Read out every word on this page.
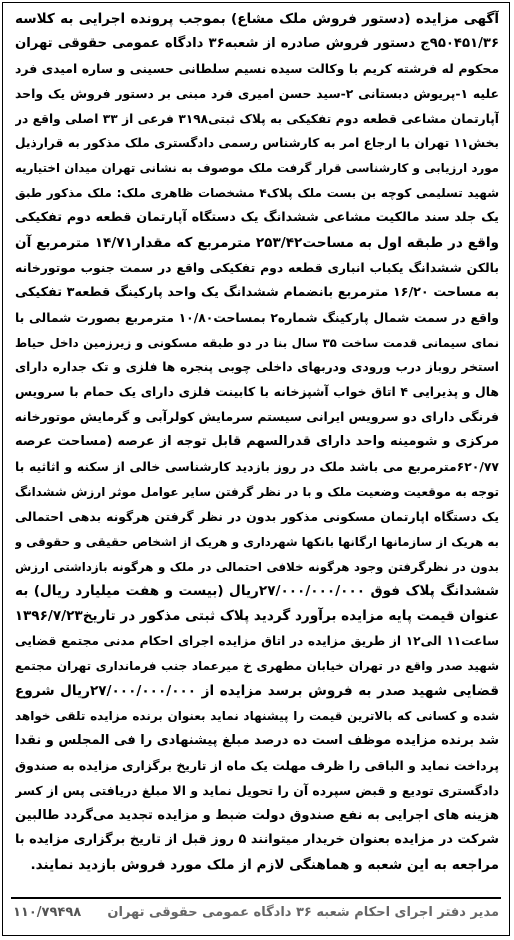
آگهی مزایده (دستور فروش ملک مشاع) بموجب پرونده اجرایی به کلاسه
۹۵۰۴۵۱/۳۶ج دستور فروش صادره از شعبه۳۶ دادگاه عمومی حقوقی تهران
محکوم له فرشته کریم با وکالت سیده نسیم سلطانی حسینی و ساره امیدی فرد
علیه ۱-پریوش دبستانی ۲-سید حسن امیری فرد مبنی بر دستور فروش یک واحد
آپارتمان مشاعی قطعه دوم تفکیکی به پلاک ثبتی۳۱۹۸ فرعی از ۳۳ اصلی واقع در
بخش۱۱ تهران با ارجاع امر به کارشناس رسمی دادگستری ملک مذکور به قرارذیل
مورد ارزیابی و کارشناسی قرار گرفت ملک موصوف به نشانی تهران میدان اختیاریه
شهید تسلیمی کوچه بن بست ملک پلاک۴ مشخصات ظاهری ملک: ملک مذکور طبق
یک جلد سند مالکیت مشاعی ششدانگ یک دستگاه آپارتمان قطعه دوم تفکیکی
واقع در طبقه اول به مساحت۲۵۳/۴۲ مترمربع که مقدار۱۴/۷۱ مترمربع آن
بالکن ششدانگ یکباب انباری قطعه دوم تفکیکی واقع در سمت جنوب موتورخانه
به مساحت ۱۶/۲۰ مترمربع بانضمام ششدانگ یک واحد پارکینگ قطعه۳ تفکیکی
واقع در سمت شمال پارکینگ شماره۲ بمساحت۱۰/۸۰ مترمربع بصورت شمالی با
نمای سیمانی قدمت ساخت ۳۵ سال بنا در دو طبقه مسکونی و زیرزمین داخل حیاط
استخر روباز درب ورودی ودربهای داخلی چوبی پنجره ها فلزی و تک جداره دارای
هال و پذیرایی ۴ اتاق خواب آشپزخانه با کابینت فلزی دارای یک حمام با سرویس
فرنگی دارای دو سرویس ایرانی سیستم سرمایش کولرآبی و گرمایش موتورخانه
مرکزی و شومینه واحد دارای قدرالسهم قابل توجه از عرصه (مساحت عرصه
۶۲۰/۷۷مترمربع می باشد ملک در روز بازدید کارشناسی خالی از سکنه و اثاثیه با
توجه به موقعیت وضعیت ملک و با در نظر گرفتن سایر عوامل موثر ارزش ششدانگ
یک دستگاه اپارتمان مسکونی مذکور بدون در نظر گرفتن هرگونه بدهی احتمالی
به هریک از سازمانها ارگانها بانکها شهرداری و هریک از اشخاص حقیقی و حقوقی و
بدون در نظرگرفتن وجود هرگونه خلافی احتمالی در ملک و هرگونه بازداشتی ارزش
ششدانگ پلاک فوق ۲۷/۰۰۰/۰۰۰/۰۰۰ریال (بیست و هفت میلیارد ریال) به
عنوان قیمت پایه مزایده برآورد گردید پلاک ثبتی مذکور در تاریخ۱۳۹۶/۷/۲۳
ساعت۱۱ الی۱۲ از طریق مزایده در اتاق مزایده اجرای احکام مدنی مجتمع قضایی
شهید صدر واقع در تهران خیابان مطهری خ میرعماد جنب فرمانداری تهران مجتمع
قضایی شهید صدر به فروش برسد مزایده از ۲۷/۰۰۰/۰۰۰/۰۰۰ریال شروع
شده و کسانی که بالاترین قیمت را پیشنهاد نماید بعنوان برنده مزایده تلقی خواهد
شد برنده مزایده موظف است ده درصد مبلغ پیشنهادی را فی المجلس و نقدا
پرداخت نماید و الباقی را ظرف مهلت یک ماه از تاریخ برگزاری مزایده به صندوق
دادگستری تودیع و قبض سپرده آن را تحویل نماید و الا مبلغ دریافتی پس از کسر
هزینه های اجرایی به نفع صندوق دولت ضبط و مزایده تجدید می‌گردد طالبین
شرکت در مزایده بعنوان خریدار میتوانند ۵ روز قبل از تاریخ برگزاری مزایده با
مراجعه به این شعبه و هماهنگی لازم از ملک مورد فروش بازدید نمایند.
مدیر دفتر اجرای احکام شعبه ۳۶ دادگاه عمومی حقوقی تهران
۱۱۰/۷۹۴۹۸
